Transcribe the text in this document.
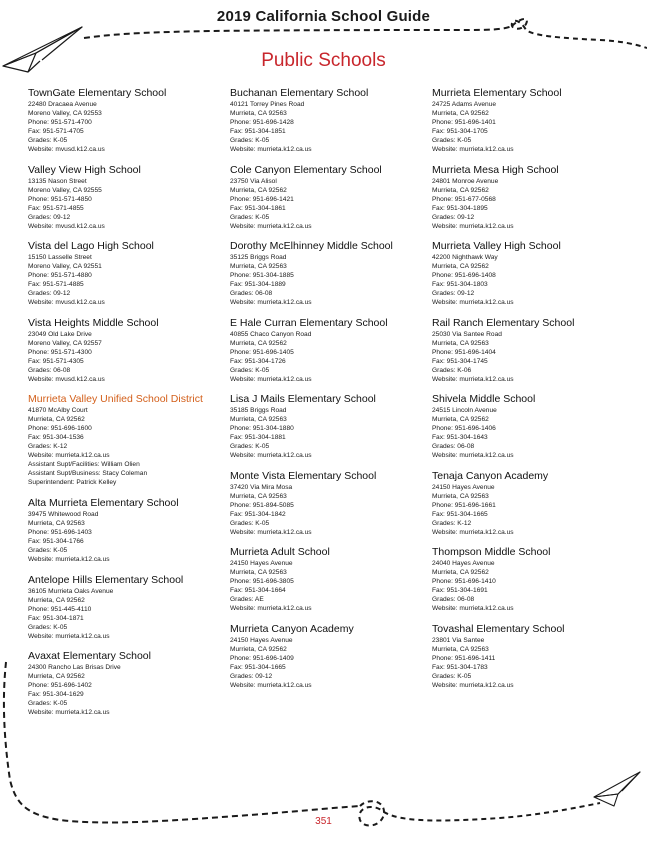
2019 California School Guide
Public Schools
TownGate Elementary School
22480 Dracaea Avenue
Moreno Valley, CA 92553
Phone: 951-571-4700
Fax: 951-571-4705
Grades: K-05
Website: mvusd.k12.ca.us
Valley View High School
13135 Nason Street
Moreno Valley, CA 92555
Phone: 951-571-4850
Fax: 951-571-4855
Grades: 09-12
Website: mvusd.k12.ca.us
Vista del Lago High School
15150 Lasselle Street
Moreno Valley, CA 92551
Phone: 951-571-4880
Fax: 951-571-4885
Grades: 09-12
Website: mvusd.k12.ca.us
Vista Heights Middle School
23049 Old Lake Drive
Moreno Valley, CA 92557
Phone: 951-571-4300
Fax: 951-571-4305
Grades: 06-08
Website: mvusd.k12.ca.us
Murrieta Valley Unified School District
41870 McAlby Court
Murrieta, CA 92562
Phone: 951-696-1600
Fax: 951-304-1536
Grades: K-12
Website: murrieta.k12.ca.us
Assistant Supt/Facilities: William Olien
Assistant Supt/Business: Stacy Coleman
Superintendent: Patrick Kelley
Alta Murrieta Elementary School
39475 Whitewood Road
Murrieta, CA 92563
Phone: 951-696-1403
Fax: 951-304-1766
Grades: K-05
Website: murrieta.k12.ca.us
Antelope Hills Elementary School
36105 Murrieta Oaks Avenue
Murrieta, CA 92562
Phone: 951-445-4110
Fax: 951-304-1871
Grades: K-05
Website: murrieta.k12.ca.us
Avaxat Elementary School
24300 Rancho Las Brisas Drive
Murrieta, CA 92562
Phone: 951-696-1402
Fax: 951-304-1629
Grades: K-05
Website: murrieta.k12.ca.us
Buchanan Elementary School
40121 Torrey Pines Road
Murrieta, CA 92563
Phone: 951-696-1428
Fax: 951-304-1851
Grades: K-05
Website: murrieta.k12.ca.us
Cole Canyon Elementary School
23750 Via Alisol
Murrieta, CA 92562
Phone: 951-696-1421
Fax: 951-304-1861
Grades: K-05
Website: murrieta.k12.ca.us
Dorothy McElhinney Middle School
35125 Briggs Road
Murrieta, CA 92563
Phone: 951-304-1885
Fax: 951-304-1889
Grades: 06-08
Website: murrieta.k12.ca.us
E Hale Curran Elementary School
40855 Chaco Canyon Road
Murrieta, CA 92562
Phone: 951-696-1405
Fax: 951-304-1726
Grades: K-05
Website: murrieta.k12.ca.us
Lisa J Mails Elementary School
35185 Briggs Road
Murrieta, CA 92563
Phone: 951-304-1880
Fax: 951-304-1881
Grades: K-05
Website: murrieta.k12.ca.us
Monte Vista Elementary School
37420 Via Mira Mosa
Murrieta, CA 92563
Phone: 951-894-5085
Fax: 951-304-1842
Grades: K-05
Website: murrieta.k12.ca.us
Murrieta Adult School
24150 Hayes Avenue
Murrieta, CA 92563
Phone: 951-696-3805
Fax: 951-304-1664
Grades: AE
Website: murrieta.k12.ca.us
Murrieta Canyon Academy
24150 Hayes Avenue
Murrieta, CA 92562
Phone: 951-696-1409
Fax: 951-304-1665
Grades: 09-12
Website: murrieta.k12.ca.us
Murrieta Elementary School
24725 Adams Avenue
Murrieta, CA 92562
Phone: 951-696-1401
Fax: 951-304-1705
Grades: K-05
Website: murrieta.k12.ca.us
Murrieta Mesa High School
24801 Monroe Avenue
Murrieta, CA 92562
Phone: 951-677-0568
Fax: 951-304-1895
Grades: 09-12
Website: murrieta.k12.ca.us
Murrieta Valley High School
42200 Nighthawk Way
Murrieta, CA 92562
Phone: 951-696-1408
Fax: 951-304-1803
Grades: 09-12
Website: murrieta.k12.ca.us
Rail Ranch Elementary School
25030 Via Santee Road
Murrieta, CA 92563
Phone: 951-696-1404
Fax: 951-304-1745
Grades: K-06
Website: murrieta.k12.ca.us
Shivela Middle School
24515 Lincoln Avenue
Murrieta, CA 92562
Phone: 951-696-1406
Fax: 951-304-1643
Grades: 06-08
Website: murrieta.k12.ca.us
Tenaja Canyon Academy
24150 Hayes Avenue
Murrieta, CA 92563
Phone: 951-696-1661
Fax: 951-304-1665
Grades: K-12
Website: murrieta.k12.ca.us
Thompson Middle School
24040 Hayes Avenue
Murrieta, CA 92562
Phone: 951-696-1410
Fax: 951-304-1691
Grades: 06-08
Website: murrieta.k12.ca.us
Tovashal Elementary School
23801 Via Santee
Murrieta, CA 92563
Phone: 951-696-1411
Fax: 951-304-1783
Grades: K-05
Website: murrieta.k12.ca.us
351
